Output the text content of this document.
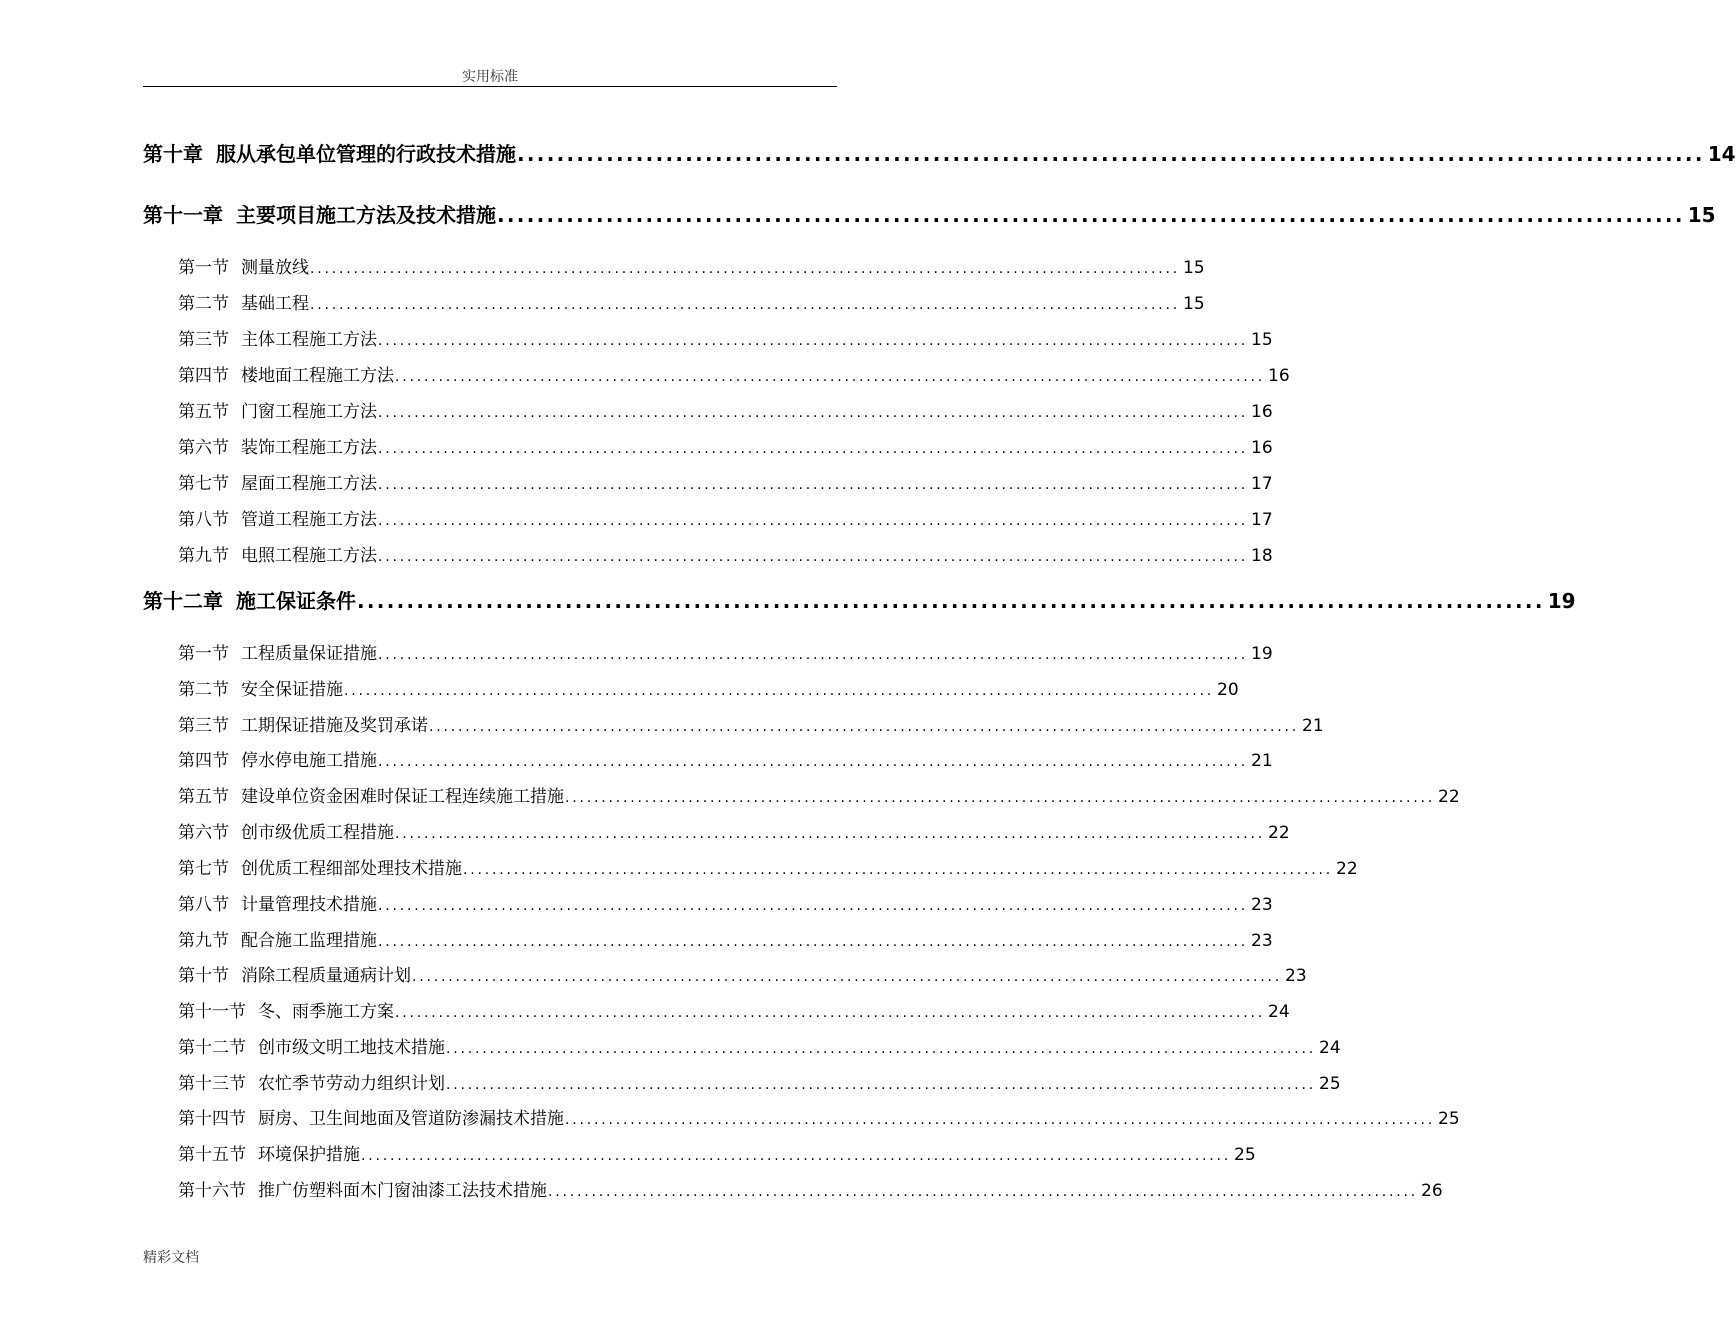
实用标准
第十章 服从承包单位管理的行政技术措施 ........................................................................................................................ 14
第十一章 主要项目施工方法及技术措施 ........................................................................................................................ 15
第一节 测量放线 ........................................................................................................................ 15
第二节 基础工程 ........................................................................................................................ 15
第三节 主体工程施工方法 ........................................................................................................................ 15
第四节 楼地面工程施工方法 ........................................................................................................................ 16
第五节 门窗工程施工方法 ........................................................................................................................ 16
第六节 装饰工程施工方法 ........................................................................................................................ 16
第七节 屋面工程施工方法 ........................................................................................................................ 17
第八节 管道工程施工方法 ........................................................................................................................ 17
第九节 电照工程施工方法 ........................................................................................................................ 18
第十二章 施工保证条件 ........................................................................................................................ 19
第一节 工程质量保证措施 ........................................................................................................................ 19
第二节 安全保证措施 ........................................................................................................................ 20
第三节 工期保证措施及奖罚承诺 ........................................................................................................................ 21
第四节 停水停电施工措施 ........................................................................................................................ 21
第五节 建设单位资金困难时保证工程连续施工措施 ........................................................................................................................ 22
第六节 创市级优质工程措施 ........................................................................................................................ 22
第七节 创优质工程细部处理技术措施 ........................................................................................................................ 22
第八节 计量管理技术措施 ........................................................................................................................ 23
第九节 配合施工监理措施 ........................................................................................................................ 23
第十节 消除工程质量通病计划 ........................................................................................................................ 23
第十一节 冬、雨季施工方案 ........................................................................................................................ 24
第十二节 创市级文明工地技术措施 ........................................................................................................................ 24
第十三节 农忙季节劳动力组织计划 ........................................................................................................................ 25
第十四节 厨房、卫生间地面及管道防渗漏技术措施 ........................................................................................................................ 25
第十五节 环境保护措施 ........................................................................................................................ 25
第十六节 推广仿塑料面木门窗油漆工法技术措施 ........................................................................................................................ 26
精彩文档
